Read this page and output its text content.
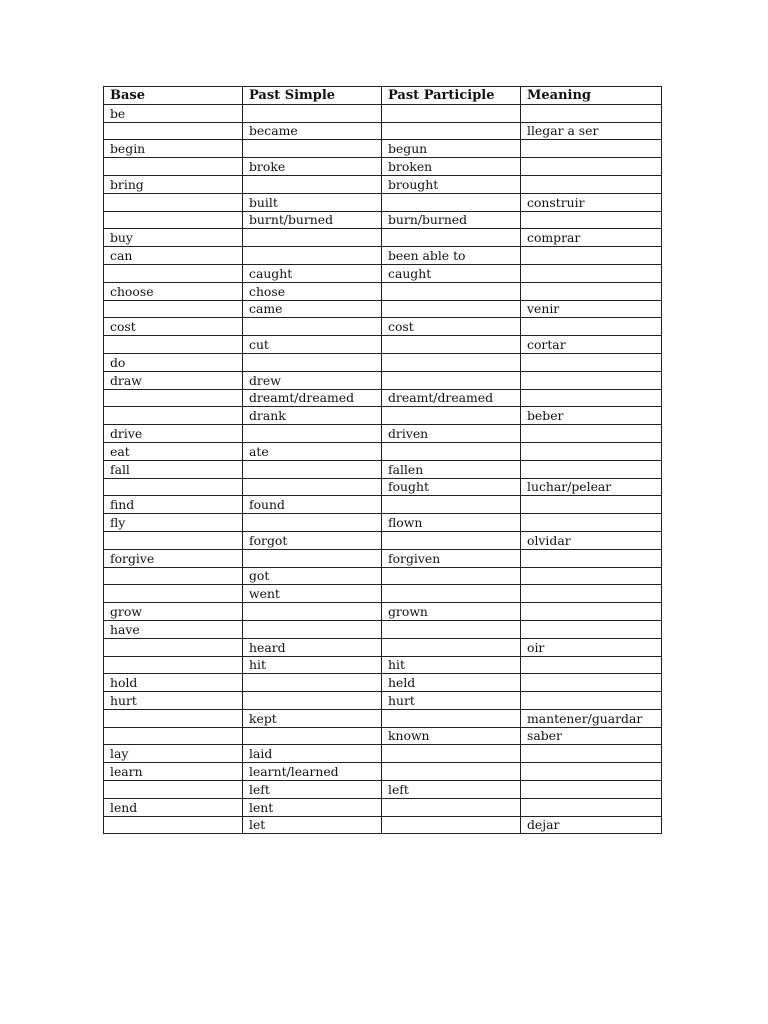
Base	Past Simple	Past Participle	Meaning
be			
	became		llegar a ser
begin		begun	
	broke	broken	
bring		brought	
	built		construir
	burnt/burned	burn/burned	
buy			comprar
can		been able to	
	caught	caught	
choose	chose		
	came		venir
cost		cost	
	cut		cortar
do			
draw	drew		
	dreamt/dreamed	dreamt/dreamed	
	drank		beber
drive		driven	
eat	ate		
fall		fallen	
		fought	luchar/pelear
find	found		
fly		flown	
	forgot		olvidar
forgive		forgiven	
	got		
	went		
grow		grown	
have			
	heard		oir
	hit	hit	
hold		held	
hurt		hurt	
	kept		mantener/guardar
		known	saber
lay	laid		
learn	learnt/learned		
	left	left	
lend	lent		
	let		dejar
